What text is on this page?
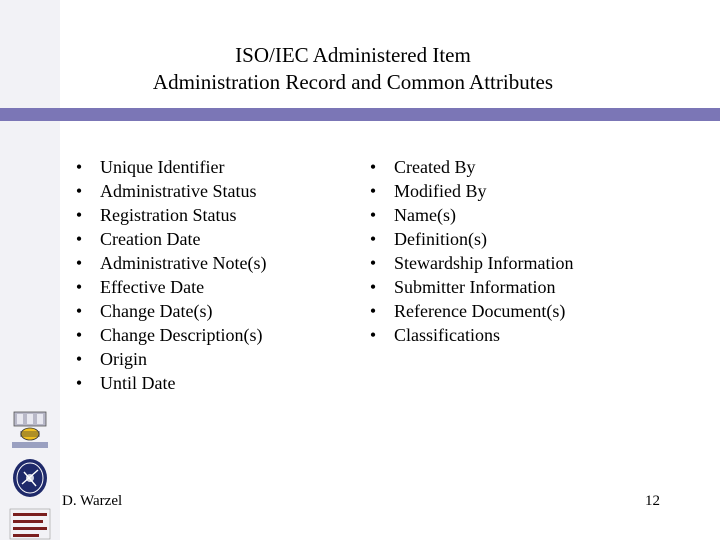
ISO/IEC Administered Item
Administration Record and Common Attributes
• Unique Identifier
• Administrative Status
• Registration Status
• Creation Date
• Administrative Note(s)
• Effective Date
• Change Date(s)
• Change Description(s)
• Origin
• Until Date
• Created By
• Modified By
• Name(s)
• Definition(s)
• Stewardship Information
• Submitter Information
• Reference Document(s)
• Classifications
D. Warzel	12
